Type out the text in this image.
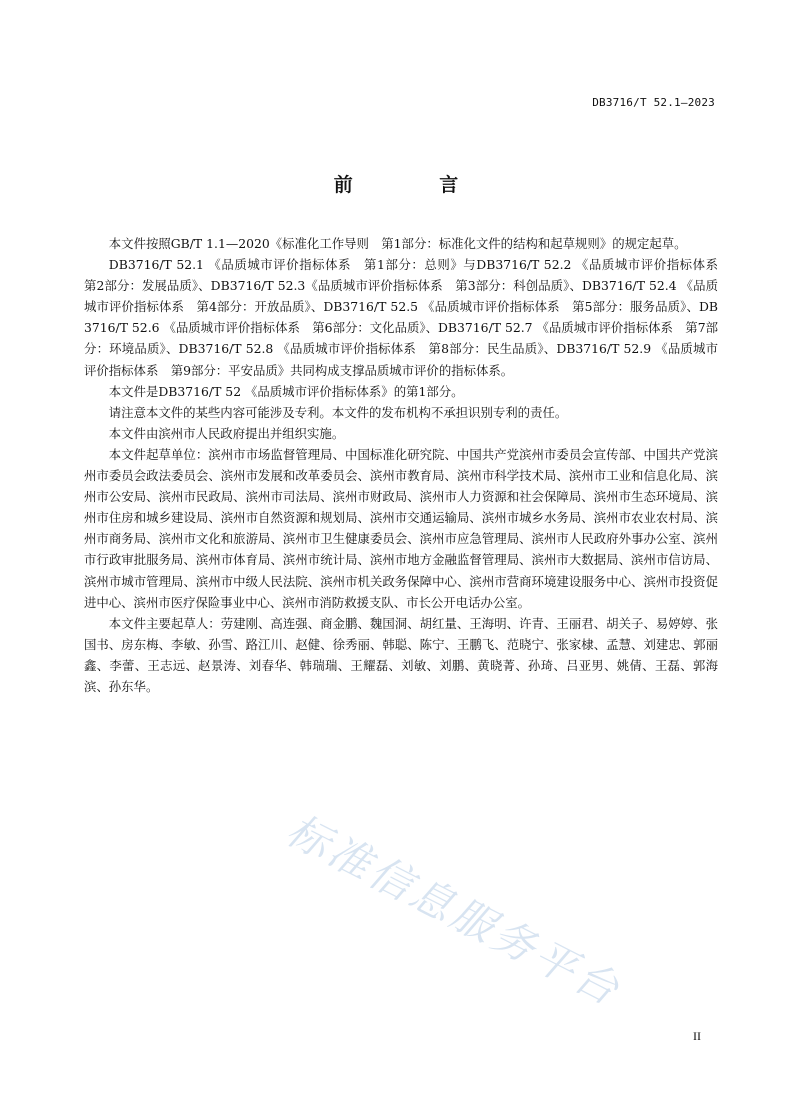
DB3716/T 52.1—2023
前 言

本文件按照GB/T 1.1—2020《标准化工作导则　第1部分：标准化文件的结构和起草规则》的规定起草。

DB3716/T 52.1 《品质城市评价指标体系　第1部分：总则》与DB3716/T 52.2 《品质城市评价指标体系　第2部分：发展品质》、DB3716/T 52.3《品质城市评价指标体系　第3部分：科创品质》、DB3716/T 52.4 《品质城市评价指标体系　第4部分：开放品质》、DB3716/T 52.5 《品质城市评价指标体系　第5部分：服务品质》、DB3716/T 52.6 《品质城市评价指标体系　第6部分：文化品质》、DB3716/T 52.7 《品质城市评价指标体系　第7部分：环境品质》、DB3716/T 52.8 《品质城市评价指标体系　第8部分：民生品质》、DB3716/T 52.9 《品质城市评价指标体系　第9部分：平安品质》共同构成支撑品质城市评价的指标体系。

本文件是DB3716/T 52 《品质城市评价指标体系》的第1部分。

请注意本文件的某些内容可能涉及专利。本文件的发布机构不承担识别专利的责任。

本文件由滨州市人民政府提出并组织实施。

本文件起草单位：滨州市市场监督管理局、中国标准化研究院、中国共产党滨州市委员会宣传部、中国共产党滨州市委员会政法委员会、滨州市发展和改革委员会、滨州市教育局、滨州市科学技术局、滨州市工业和信息化局、滨州市公安局、滨州市民政局、滨州市司法局、滨州市财政局、滨州市人力资源和社会保障局、滨州市生态环境局、滨州市住房和城乡建设局、滨州市自然资源和规划局、滨州市交通运输局、滨州市城乡水务局、滨州市农业农村局、滨州市商务局、滨州市文化和旅游局、滨州市卫生健康委员会、滨州市应急管理局、滨州市人民政府外事办公室、滨州市行政审批服务局、滨州市体育局、滨州市统计局、滨州市地方金融监督管理局、滨州市大数据局、滨州市信访局、滨州市城市管理局、滨州市中级人民法院、滨州市机关政务保障中心、滨州市营商环境建设服务中心、滨州市投资促进中心、滨州市医疗保险事业中心、滨州市消防救援支队、市长公开电话办公室。

本文件主要起草人：劳建刚、高连强、商金鹏、魏国洞、胡红量、王海明、许青、王丽君、胡关子、易婷婷、张国书、房东梅、李敏、孙雪、路江川、赵健、徐秀丽、韩聪、陈宁、王鹏飞、范晓宁、张家棣、孟慧、刘建忠、郭丽鑫、李蕾、王志远、赵景涛、刘春华、韩瑞瑞、王耀磊、刘敏、刘鹏、黄晓菁、孙琦、吕亚男、姚倩、王磊、郭海滨、孙东华。

标准信息服务平台
II
